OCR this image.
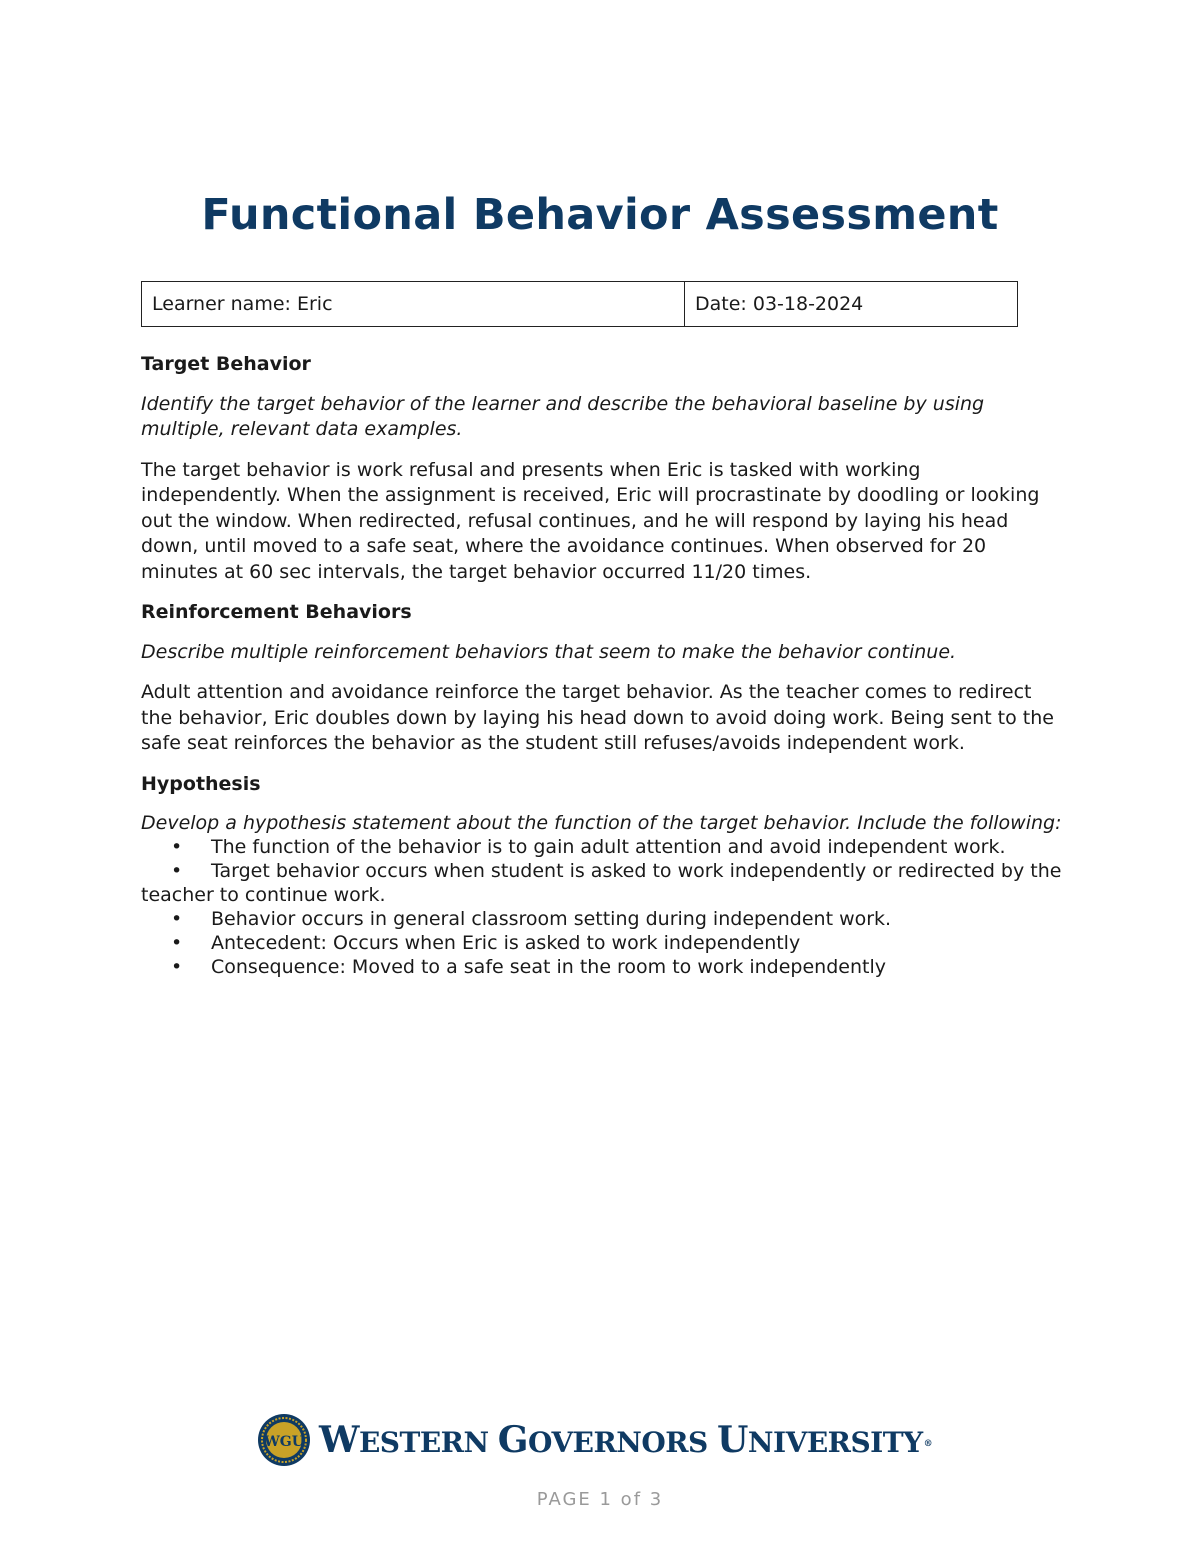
Functional Behavior Assessment
Learner name: Eric	Date: 03-18-2024

Target Behavior

Identify the target behavior of the learner and describe the behavioral baseline by using multiple, relevant data examples.

The target behavior is work refusal and presents when Eric is tasked with working independently. When the assignment is received, Eric will procrastinate by doodling or looking out the window. When redirected, refusal continues, and he will respond by laying his head down, until moved to a safe seat, where the avoidance continues. When observed for 20 minutes at 60 sec intervals, the target behavior occurred 11/20 times.

Reinforcement Behaviors

Describe multiple reinforcement behaviors that seem to make the behavior continue.

Adult attention and avoidance reinforce the target behavior. As the teacher comes to redirect the behavior, Eric doubles down by laying his head down to avoid doing work. Being sent to the safe seat reinforces the behavior as the student still refuses/avoids independent work.

Hypothesis

Develop a hypothesis statement about the function of the target behavior. Include the following:

• The function of the behavior is to gain adult attention and avoid independent work.
• Target behavior occurs when student is asked to work independently or redirected by the teacher to continue work.
• Behavior occurs in general classroom setting during independent work.
• Antecedent: Occurs when Eric is asked to work independently
• Consequence: Moved to a safe seat in the room to work independently
WGU WESTERN GOVERNORS UNIVERSITY®
PAGE 1 of 3
